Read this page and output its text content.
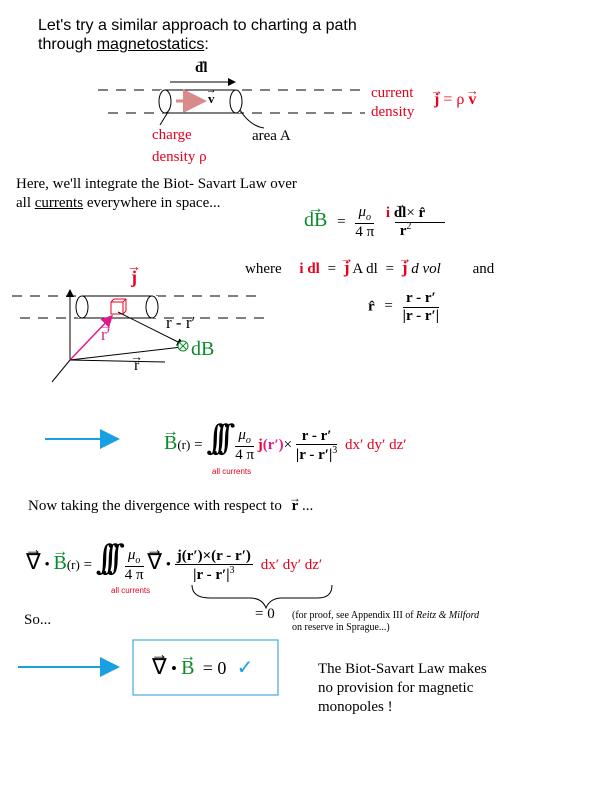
Let's try a similar approach to charting a path
through magnetostatics:
→ dl
→ v	current
density
→ j = ρ → v
charge
density ρ
area A
Here, we'll integrate the Biot- Savart Law over
all currents everywhere in space...
→ dB = $\frac{\mu_o}{4 \pi}$
i → dl× r̂
$r^2$
where i dl = → j A dl = → j d vol and
r̂ = $\frac{r - r'}{|r - r'|}$
→ j
→ r′
r - r′
dB
→ r
→ B(r) = ∫∫∫ $\frac{\mu_o}{4 \pi} j(r')\times \frac{r - r'}{|r - r'|^3} dx'$ dy′ dz′
all currents
Now taking the divergence with respect to → r ...
→ ∇ • → B(r) = ∫∫∫ $\frac{\mu_o}{4 \pi}$ → ∇ • $\frac{j(r')\times(r - r')}{|r - r'|^3} dx'$ dy′ dz′
all currents
So...	= 0 (for proof, see Appendix III of Reitz & Milford
on reserve in Sprague...)
→ ∇ • → B = 0 ✓	The Biot-Savart Law makes
no provision for magnetic
monopoles !
